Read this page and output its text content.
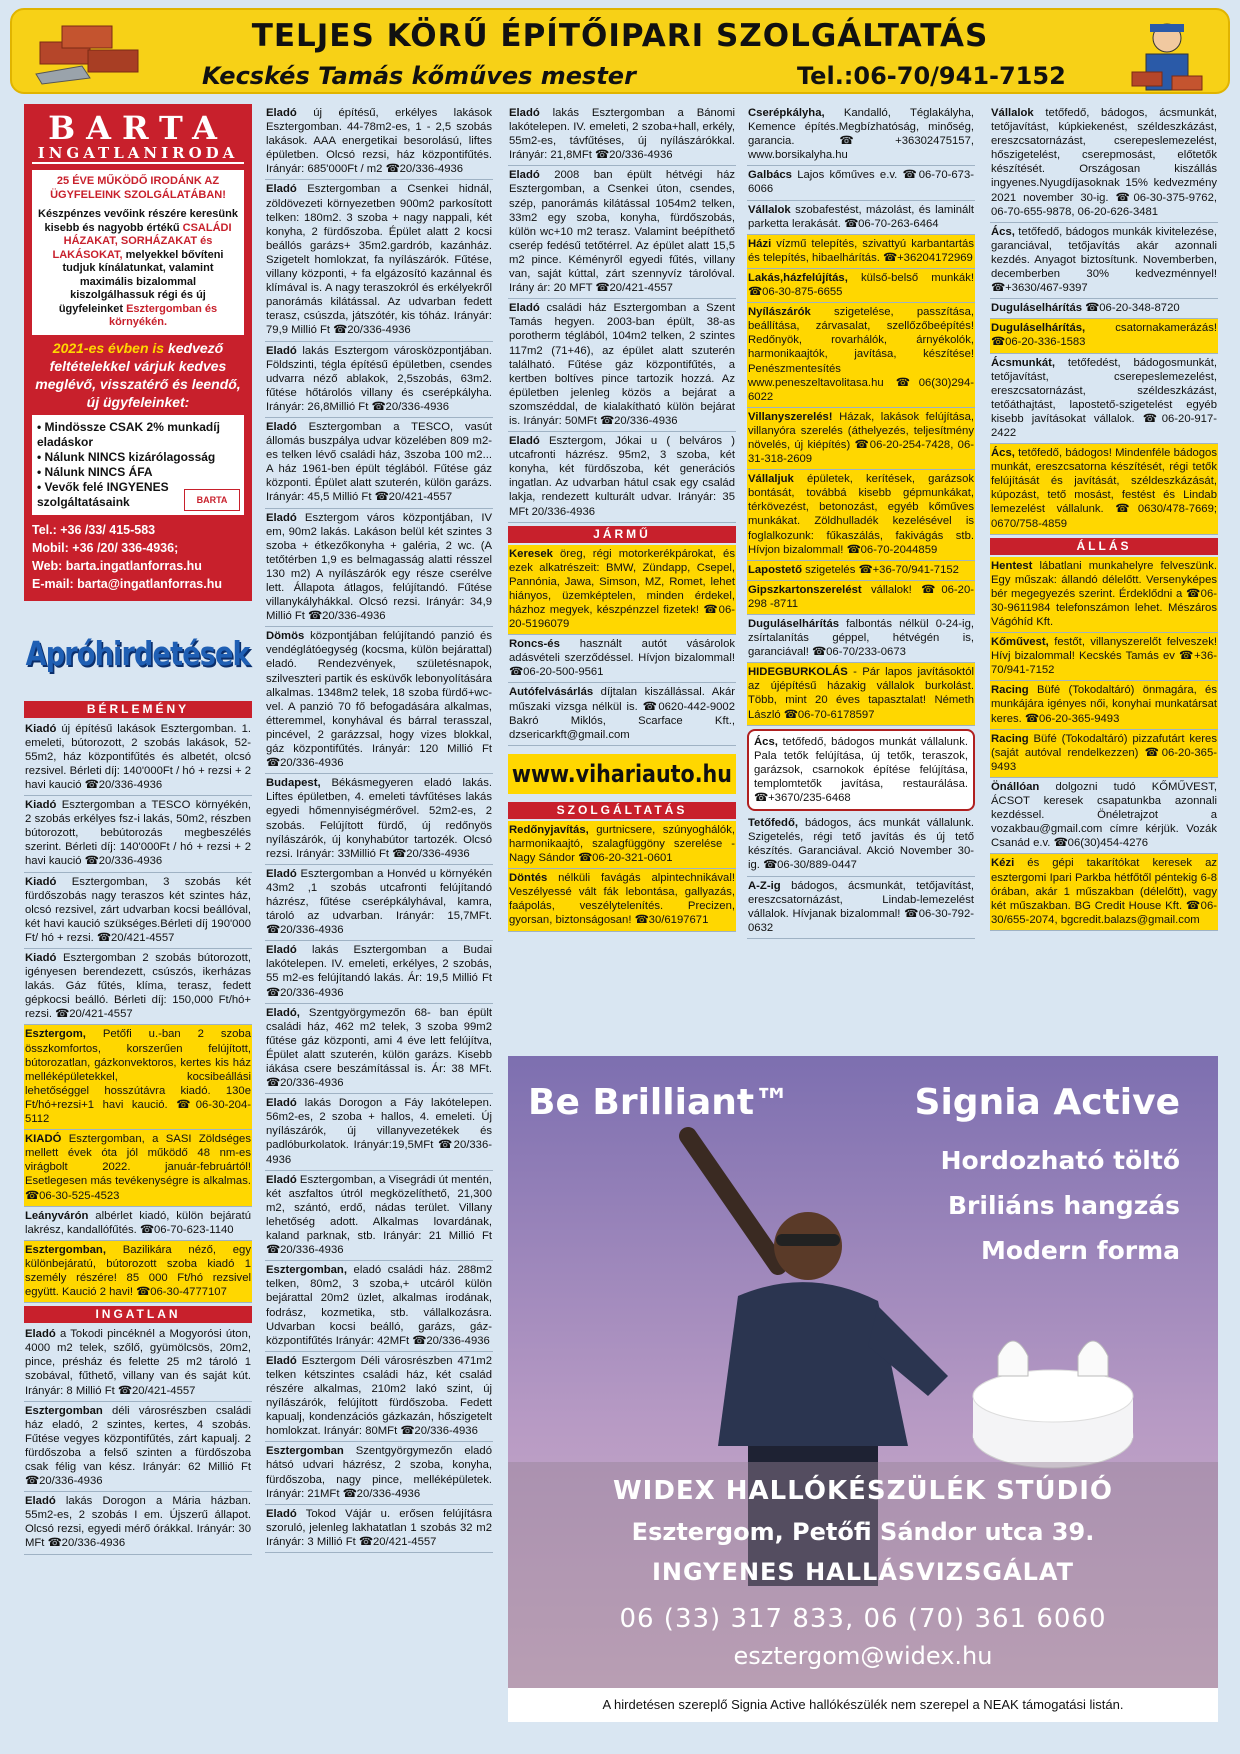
TELJES KÖRŰ ÉPÍTŐIPARI SZOLGÁLTATÁS
Kecskés Tamás kőműves mester	Tel.:06-70/941-7152
BARTA
INGATLANIRODA
25 ÉVE MŰKÖDŐ IRODÁNK AZ ÜGYFELEINK SZOLGÁLATÁBAN!

Készpénzes vevőink részére keresünk kisebb és nagyobb értékű CSALÁDI HÁZAKAT, SORHÁZAKAT és LAKÁSOKAT, melyekkel bővíteni tudjuk kínálatunkat, valamint maximális bizalommal kiszolgálhassuk régi és új ügyfeleinket Esztergomban és környékén.

2021-es évben is kedvező feltételekkel várjuk kedves meglévő, visszatérő és leendő, új ügyfeleinket:
• Mindössze CSAK 2% munkadíj eladáskor
• Nálunk NINCS kizárólagosság
• Nálunk NINCS ÁFA
• Vevők felé INGYENES szolgáltatásaink	BARTA
Tel.: +36 /33/ 415-583
Mobil: +36 /20/ 336-4936;
Web: barta.ingatlanforras.hu
E-mail: barta@ingatlanforras.hu
Apróhirdetések
BÉRLEMÉNY
Kiadó új építésű lakások Esztergomban. 1. emeleti, bútorozott, 2 szobás lakások, 52-55m2, ház központifűtés és albetét, olcsó rezsivel. Bérleti díj: 140'000Ft / hó + rezsi + 2 havi kaució ☎20/336-4936
Kiadó Esztergomban a TESCO környékén, 2 szobás erkélyes fsz-i lakás, 50m2, részben bútorozott, bebútorozás megbeszélés szerint. Bérleti díj: 140'000Ft / hó + rezsi + 2 havi kaució ☎20/336-4936
Kiadó Esztergomban, 3 szobás két fürdőszobás nagy teraszos két szintes ház, olcsó rezsivel, zárt udvarban kocsi beállóval, két havi kaució szükséges.Bérleti díj 190'000 Ft/ hó + rezsi. ☎20/421-4557
Kiadó Esztergomban 2 szobás bútorozott, igényesen berendezett, csúszós, ikerházas lakás. Gáz fűtés, klíma, terasz, fedett gépkocsi beálló. Bérleti díj: 150,000 Ft/hó+ rezsi. ☎20/421-4557
Esztergom, Petőfi u.-ban 2 szoba összkomfortos, korszerűen felújított, bútorozatlan, gázkonvektoros, kertes kis ház melléképületekkel, kocsibeállási lehetőséggel hosszútávra kiadó. 130e Ft/hó+rezsi+1 havi kaució. ☎06-30-204-5112
KIADÓ Esztergomban, a SASI Zöldséges mellett évek óta jól működő 48 nm-es virágbolt 2022. január-februártól! Esetlegesen más tevékenységre is alkalmas. ☎06-30-525-4523
Leányvárón albérlet kiadó, külön bejáratú lakrész, kandallófűtés. ☎06-70-623-1140
Esztergomban, Bazilikára néző, egy különbejáratú, bútorozott szoba kiadó 1 személy részére! 85 000 Ft/hó rezsivel együtt. Kaució 2 havi! ☎06-30-4777107
INGATLAN
Eladó a Tokodi pincéknél a Mogyorósi úton, 4000 m2 telek, szőlő, gyümölcsös, 20m2, pince, présház és felette 25 m2 tároló 1 szobával, fűthető, villany van és saját kút. Irányár: 8 Millió Ft ☎20/421-4557
Esztergomban déli városrészben családi ház eladó, 2 szintes, kertes, 4 szobás. Fűtése vegyes központifűtés, zárt kapualj. 2 fürdőszoba a felső szinten a fürdőszoba csak félig van kész. Irányár: 62 Millió Ft ☎20/336-4936
Eladó lakás Dorogon a Mária házban. 55m2-es, 2 szobás I em. Újszerű állapot. Olcsó rezsi, egyedi mérő órákkal. Irányár: 30 MFt ☎20/336-4936
Eladó új építésű, erkélyes lakások Esztergomban. 44-78m2-es, 1 - 2,5 szobás lakások. AAA energetikai besorolású, liftes épületben. Olcsó rezsi, ház központifűtés. Irányár: 685'000Ft / m2 ☎20/336-4936
Eladó Esztergomban a Csenkei hidnál, zöldövezeti környezetben 900m2 parkosított telken: 180m2. 3 szoba + nagy nappali, két konyha, 2 fürdőszoba. Épület alatt 2 kocsi beállós garázs+ 35m2.gardrób, kazánház. Szigetelt homlokzat, fa nyílászárók. Fűtése, villany központi, + fa elgázosító kazánnal és klímával is. A nagy teraszokról és erkélyekről panorámás kilátással. Az udvarban fedett terasz, csúszda, játszótér, kis tóház. Irányár: 79,9 Millió Ft ☎20/336-4936
Eladó lakás Esztergom városközpontjában. Földszinti, tégla építésű épületben, csendes udvarra néző ablakok, 2,5szobás, 63m2. fűtése hőtárolós villany és cserépkályha. Irányár: 26,8Millió Ft ☎20/336-4936
Eladó Esztergomban a TESCO, vasút állomás buszpálya udvar közelében 809 m2-es telken lévő családi ház, 3szoba 100 m2... A ház 1961-ben épült téglából. Fűtése gáz központi. Épület alatt szuterén, külön garázs. Irányár: 45,5 Millió Ft ☎20/421-4557
Eladó Esztergom város központjában, IV em, 90m2 lakás. Lakáson belül két szintes 3 szoba + étkezőkonyha + galéria, 2 wc. (A tetőtérben 1,9 es belmagasság alatti résszel 130 m2) A nyílászárók egy része cserélve lett. Állapota átlagos, felújítandó. Fűtése villanykályhákkal. Olcsó rezsi. Irányár: 34,9 Millió Ft ☎20/336-4936
Dömös központjában felújítandó panzió és vendéglátóegység (kocsma, külön bejárattal) eladó. Rendezvények, születésnapok, szilveszteri partik és esküvők lebonyolítására alkalmas. 1348m2 telek, 18 szoba fürdő+wc-vel. A panzió 70 fő befogadására alkalmas, étteremmel, konyhával és bárral terasszal, pincével, 2 garázzsal, hogy vizes blokkal, gáz központifűtés. Irányár: 120 Millió Ft ☎20/336-4936
Budapest, Békásmegyeren eladó lakás. Liftes épületben, 4. emeleti távfűtéses lakás egyedi hőmennyiségmérővel. 52m2-es, 2 szobás. Felújított fürdő, új redőnyös nyílászárók, új konyhabútor tartozék. Olcsó rezsi. Irányár: 33Millió Ft ☎20/336-4936
Eladó Esztergomban a Honvéd u környékén 43m2 ,1 szobás utcafronti felújítandó házrész, fűtése cserépkályhával, kamra, tároló az udvarban. Irányár: 15,7MFt. ☎20/336-4936
Eladó lakás Esztergomban a Budai lakótelepen. IV. emeleti, erkélyes, 2 szobás, 55 m2-es felújítandó lakás. Ár: 19,5 Millió Ft ☎20/336-4936
Eladó, Szentgyörgymezőn 68- ban épült családi ház, 462 m2 telek, 3 szoba 99m2 fűtése gáz központi, ami 4 éve lett felújítva, Épület alatt szuterén, külön garázs. Kisebb iákása csere beszámítással is. Ár: 38 MFt. ☎20/336-4936
Eladó lakás Dorogon a Fáy lakótelepen. 56m2-es, 2 szoba + hallos, 4. emeleti. Új nyílászárók, új villanyvezetékek és padlóburkolatok. Irányár:19,5MFt ☎20/336-4936
Eladó Esztergomban, a Visegrádi út mentén, két aszfaltos útról megközelíthető, 21,300 m2, szántó, erdő, nádas terület. Villany lehetőség adott. Alkalmas lovardának, kaland parknak, stb. Irányár: 21 Millió Ft ☎20/336-4936
Esztergomban, eladó családi ház. 288m2 telken, 80m2, 3 szoba,+ utcáról külön bejárattal 20m2 üzlet, alkalmas irodának, fodrász, kozmetika, stb. vállalkozásra. Udvarban kocsi beálló, garázs, gáz-központifűtés Irányár: 42MFt ☎20/336-4936
Eladó Esztergom Déli városrészben 471m2 telken kétszintes családi ház, két család részére alkalmas, 210m2 lakó szint, új nyílászárók, felújított fürdőszoba. Fedett kapualj, kondenzációs gázkazán, hőszigetelt homlokzat. Irányár: 80MFt ☎20/336-4936
Esztergomban Szentgyörgymezőn eladó hátsó udvari házrész, 2 szoba, konyha, fürdőszoba, nagy pince, melléképületek. Irányár: 21MFt ☎20/336-4936
Eladó Tokod Vájár u. erősen felújításra szoruló, jelenleg lakhatatlan 1 szobás 32 m2 Irányár: 3 Millió Ft ☎20/421-4557
Eladó lakás Esztergomban a Bánomi lakótelepen. IV. emeleti, 2 szoba+hall, erkély, 55m2-es, távfűtéses, új nyílászárókkal. Irányár: 21,8MFt ☎20/336-4936
Eladó 2008 ban épült hétvégi ház Esztergomban, a Csenkei úton, csendes, szép, panorámás kilátással 1054m2 telken, 33m2 egy szoba, konyha, fürdőszobás, külön wc+10 m2 terasz. Valamint beépíthető cserép fedésű tetőtérrel. Az épület alatt 15,5 m2 pince. Kéményről egyedi fűtés, villany van, saját kúttal, zárt szennyvíz tárolóval. Irány ár: 20 MFT ☎20/421-4557
Eladó családi ház Esztergomban a Szent Tamás hegyen. 2003-ban épült, 38-as porotherm téglából, 104m2 telken, 2 szintes 117m2 (71+46), az épület alatt szuterén található. Fűtése gáz központifűtés, a kertben boltíves pince tartozik hozzá. Az épületben jelenleg közös a bejárat a szomszéddal, de kialakítható külön bejárat is. Irányár: 50MFt ☎20/336-4936
Eladó Esztergom, Jókai u ( belváros ) utcafronti házrész. 95m2, 3 szoba, két konyha, két fürdőszoba, két generációs ingatlan. Az udvarban hátul csak egy család lakja, rendezett kulturált udvar. Irányár: 35 MFt 20/336-4936
JÁRMŰ
Keresek öreg, régi motorkerékpárokat, és ezek alkatrészeit: BMW, Zündapp, Csepel, Pannónia, Jawa, Simson, MZ, Romet, lehet hiányos, üzemképtelen, minden érdekel, házhoz megyek, készpénzzel fizetek! ☎06-20-5196079
Roncs-és használt autót vásárolok adásvételi szerződéssel. Hívjon bizalommal! ☎06-20-500-9561
Autófelvásárlás díjtalan kiszállással. Akár műszaki vizsga nélkül is. ☎0620-442-9002 Bakró Miklós, Scarface Kft., dzsericarkft@gmail.com
www.vihariauto.hu
SZOLGÁLTATÁS
Redőnyjavítás, gurtnicsere, szúnyoghálók, harmonikaajtó, szalagfüggöny szerelése - Nagy Sándor ☎06-20-321-0601
Döntés nélküli favágás alpintechnikával! Veszélyessé vált fák lebontása, gallyazás, faápolás, veszélytelenítés. Precizen, gyorsan, biztonságosan! ☎30/6197671
Cserépkályha, Kandalló, Téglakályha, Kemence építés.Megbízhatóság, minőség, garancia. ☎+36302475157, www.borsikalyha.hu
Galbács Lajos kőműves e.v. ☎06-70-673-6066
Vállalok szobafestést, mázolást, és laminált parketta lerakását. ☎06-70-263-6464
Házi vízmű telepítés, szivattyú karbantartás és telepítés, hibaelhárítás. ☎+36204172969
Lakás,házfelújítás, külső-belső munkák! ☎06-30-875-6655
Nyílászárók szigetelése, passzítása, beállítása, zárvasalat, szellőzőbeépítés! Redőnyök, rovarhálók, árnyékolók, harmonikaajtók, javítása, készítése! Penészmentesítés www.peneszeltavolitasa.hu ☎06(30)294-6022
Villanyszerelés! Házak, lakások felújítása, villanyóra szerelés (áthelyezés, teljesítmény növelés, új kiépítés) ☎06-20-254-7428, 06-31-318-2609
Vállaljuk épületek, kerítések, garázsok bontását, továbbá kisebb gépmunkákat, térkövezést, betonozást, egyéb kőműves munkákat. Zöldhulladék kezelésével is foglalkozunk: fűkaszálás, fakivágás stb. Hívjon bizalommal! ☎06-70-2044859
Lapostető szigetelés ☎+36-70/941-7152
Gipszkartonszerelést vállalok! ☎06-20-298 -8711
Duguláselhárítás falbontás nélkül 0-24-ig, zsírtalanítás géppel, hétvégén is, garanciával! ☎06-70/233-0673
HIDEGBURKOLÁS - Pár lapos javításoktól az újépítésű házakig vállalok burkolást. Több, mint 20 éves tapasztalat! Németh László ☎06-70-6178597
Ács, tetőfedő, bádogos munkát vállalunk. Pala tetők felújítása, új tetők, teraszok, garázsok, csarnokok építése felújítása, templomtetők javítása, restaurálása. ☎+3670/235-6468
Tetőfedő, bádogos, ács munkát vállalunk. Szigetelés, régi tető javítás és új tető készítés. Garanciával. Akció November 30-ig. ☎06-30/889-0447
A-Z-ig bádogos, ácsmunkát, tetőjavítást, ereszcsatornázást, Lindab-lemezelést vállalok. Hívjanak bizalommal! ☎06-30-792-0632
Vállalok tetőfedő, bádogos, ácsmunkát, tetőjavítást, kúpkiekenést, széldeszkázást, ereszcsatornázást, cserepeslemezelést, hőszigetelést, cserepmosást, előtetők készítését. Országosan kiszállás ingyenes.Nyugdíjasoknak 15% kedvezmény 2021 november 30-ig. ☎06-30-375-9762, 06-70-655-9878, 06-20-626-3481
Ács, tetőfedő, bádogos munkák kivitelezése, garanciával, tetőjavítás akár azonnali kezdés. Anyagot biztosítunk. Novemberben, decemberben 30% kedvezménnyel! ☎+3630/467-9397
Duguláselhárítás ☎06-20-348-8720
Duguláselhárítás, csatornakamerázás! ☎06-20-336-1583
Ácsmunkát, tetőfedést, bádogosmunkát, tetőjavítást, cserepeslemezelést, ereszcsatornázást, széldeszkázást, tetőáthajtást, lapostető-szigetelést egyéb kisebb javításokat vállalok. ☎06-20-917-2422
Ács, tetőfedő, bádogos! Mindenféle bádogos munkát, ereszcsatorna készítését, régi tetők felújítását és javítását, széldeszkázását, kúpozást, tető mosást, festést és Lindab lemezelést vállalunk. ☎0630/478-7669; 0670/758-4859
ÁLLÁS
Hentest lábatlani munkahelyre felveszünk. Egy műszak: állandó délelőtt. Versenyképes bér megegyezés szerint. Érdeklődni a ☎06-30-9611984 telefonszámon lehet. Mészáros Vágóhíd Kft.
Kőművest, festőt, villanyszerelőt felveszek! Hívj bizalommal! Kecskés Tamás ev ☎+36-70/941-7152
Racing Büfé (Tokodaltáró) önmagára, és munkájára igényes női, konyhai munkatársat keres. ☎06-20-365-9493
Racing Büfé (Tokodaltáró) pizzafutárt keres (saját autóval rendelkezzen) ☎06-20-365-9493
Önállóan dolgozni tudó KŐMŰVEST, ÁCSOT keresek csapatunkba azonnali kezdéssel. Önéletrajzot a vozakbau@gmail.com címre kérjük. Vozák Csanád e.v. ☎06(30)454-4276
Kézi és gépi takarítókat keresek az esztergomi Ipari Parkba hétfőtől péntekig 6-8 órában, akár 1 műszakban (délelőtt), vagy két műszakban. BG Credit House Kft. ☎06-30/655-2074, bgcredit.balazs@gmail.com
Be Brilliant™	Signia Active
Hordozható töltő
Briliáns hangzás
Modern forma
WIDEX HALLÓKÉSZÜLÉK STÚDIÓ
Esztergom, Petőfi Sándor utca 39.
INGYENES HALLÁSVIZSGÁLAT
06 (33) 317 833, 06 (70) 361 6060
esztergom@widex.hu
A hirdetésen szereplő Signia Active hallókészülék nem szerepel a NEAK támogatási listán.
